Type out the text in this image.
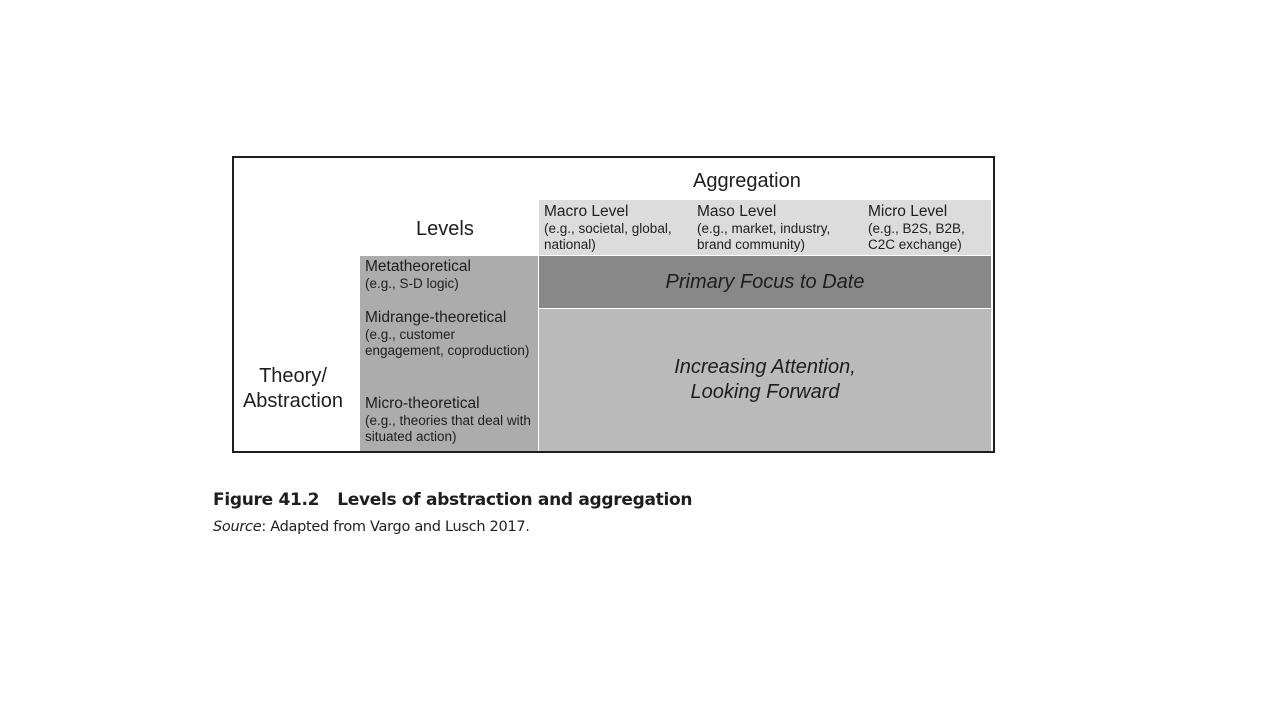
Aggregation
Levels
Theory/
Abstraction
Macro Level
(e.g., societal, global, national)
Maso Level
(e.g., market, industry, brand community)
Micro Level
(e.g., B2S, B2B, C2C exchange)
Metatheoretical
(e.g., S-D logic)
Midrange-theoretical
(e.g., customer engagement, coproduction)
Micro-theoretical
(e.g., theories that deal with situated action)
Primary Focus to Date
Increasing Attention,
Looking Forward
Figure 41.2 Levels of abstraction and aggregation
Source: Adapted from Vargo and Lusch 2017.
